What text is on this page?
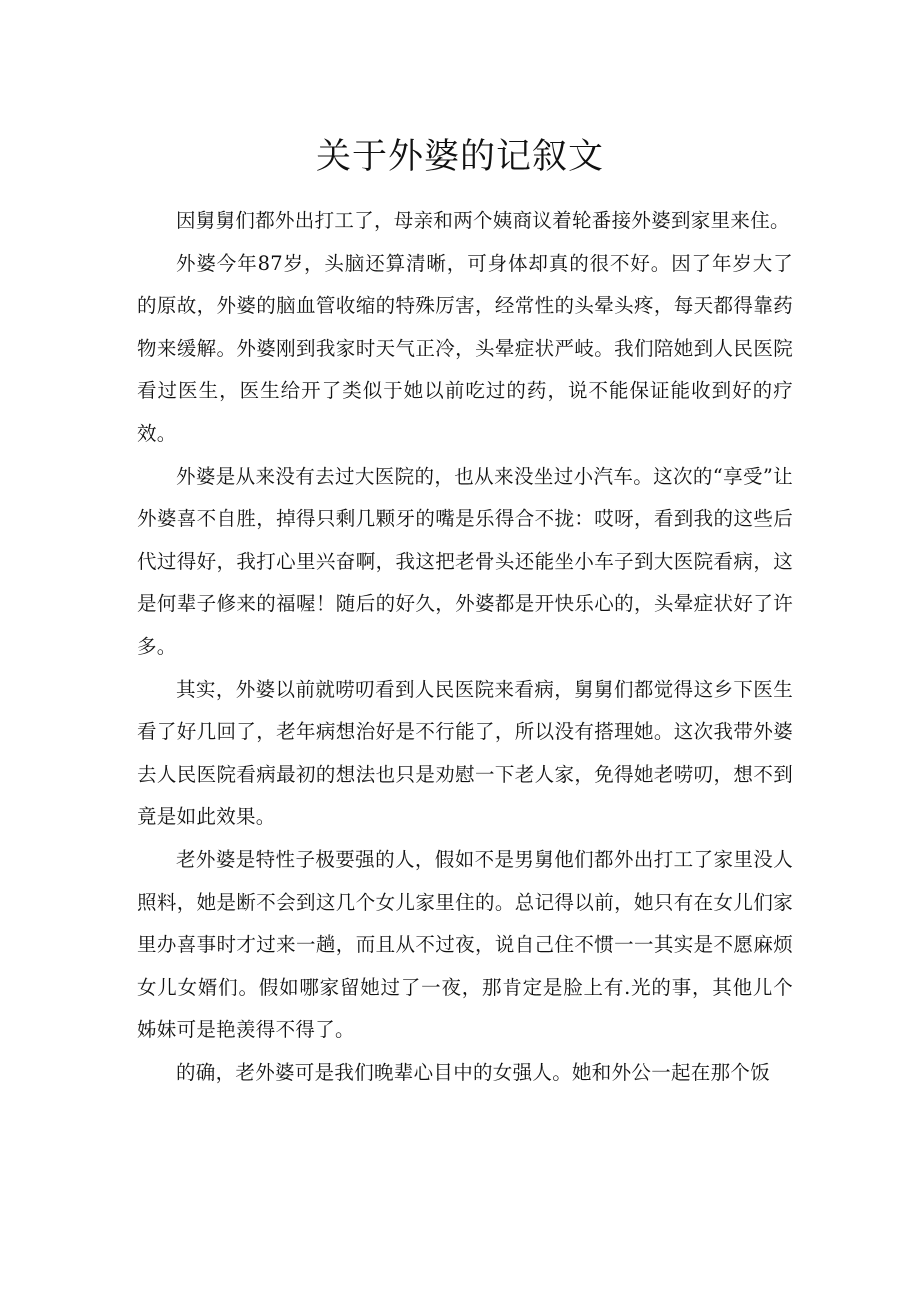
关于外婆的记叙文

因舅舅们都外出打工了，母亲和两个姨商议着轮番接外婆到家里来住。

外婆今年87岁，头脑还算清晰，可身体却真的很不好。因了年岁大了的原故，外婆的脑血管收缩的特殊厉害，经常性的头晕头疼，每天都得靠药物来缓解。外婆刚到我家时天气正冷，头晕症状严岐。我们陪她到人民医院看过医生，医生给开了类似于她以前吃过的药，说不能保证能收到好的疗效。

外婆是从来没有去过大医院的，也从来没坐过小汽车。这次的“享受”让外婆喜不自胜，掉得只剩几颗牙的嘴是乐得合不拢：哎呀，看到我的这些后代过得好，我打心里兴奋啊，我这把老骨头还能坐小车子到大医院看病，这是何辈子修来的福喔！随后的好久，外婆都是开快乐心的，头晕症状好了许多。

其实，外婆以前就唠叨看到人民医院来看病，舅舅们都觉得这乡下医生看了好几回了，老年病想治好是不行能了，所以没有搭理她。这次我带外婆去人民医院看病最初的想法也只是劝慰一下老人家，免得她老唠叨，想不到竟是如此效果。

老外婆是特性子极要强的人，假如不是男舅他们都外出打工了家里没人照料，她是断不会到这几个女儿家里住的。总记得以前，她只有在女儿们家里办喜事时才过来一趟，而且从不过夜，说自己住不惯一一其实是不愿麻烦女儿女婿们。假如哪家留她过了一夜，那肯定是脸上有.光的事，其他儿个姊妹可是艳羡得不得了。

的确，老外婆可是我们晚辈心目中的女强人。她和外公一起在那个饭
